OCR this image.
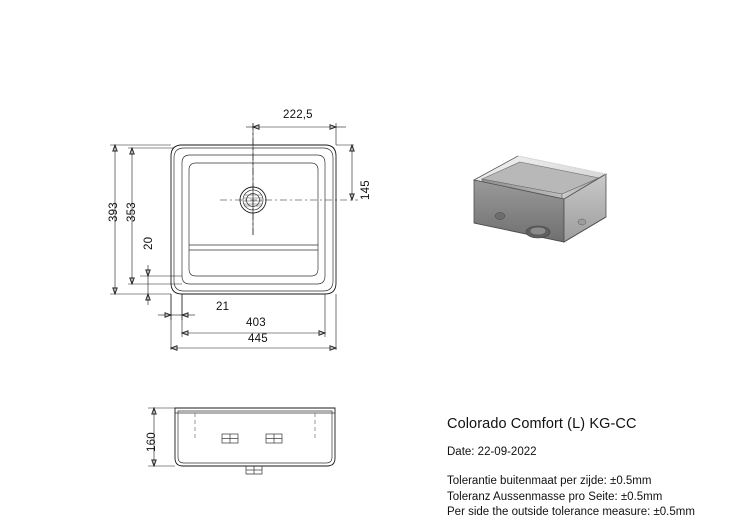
222,5
145
393 353
20
21
403
445
160

Colorado Comfort (L) KG-CC

Date: 22-09-2022

Tolerantie buitenmaat per zijde: ±0.5mm

Toleranz Aussenmasse pro Seite: ±0.5mm

Per side the outside tolerance measure: ±0.5mm
